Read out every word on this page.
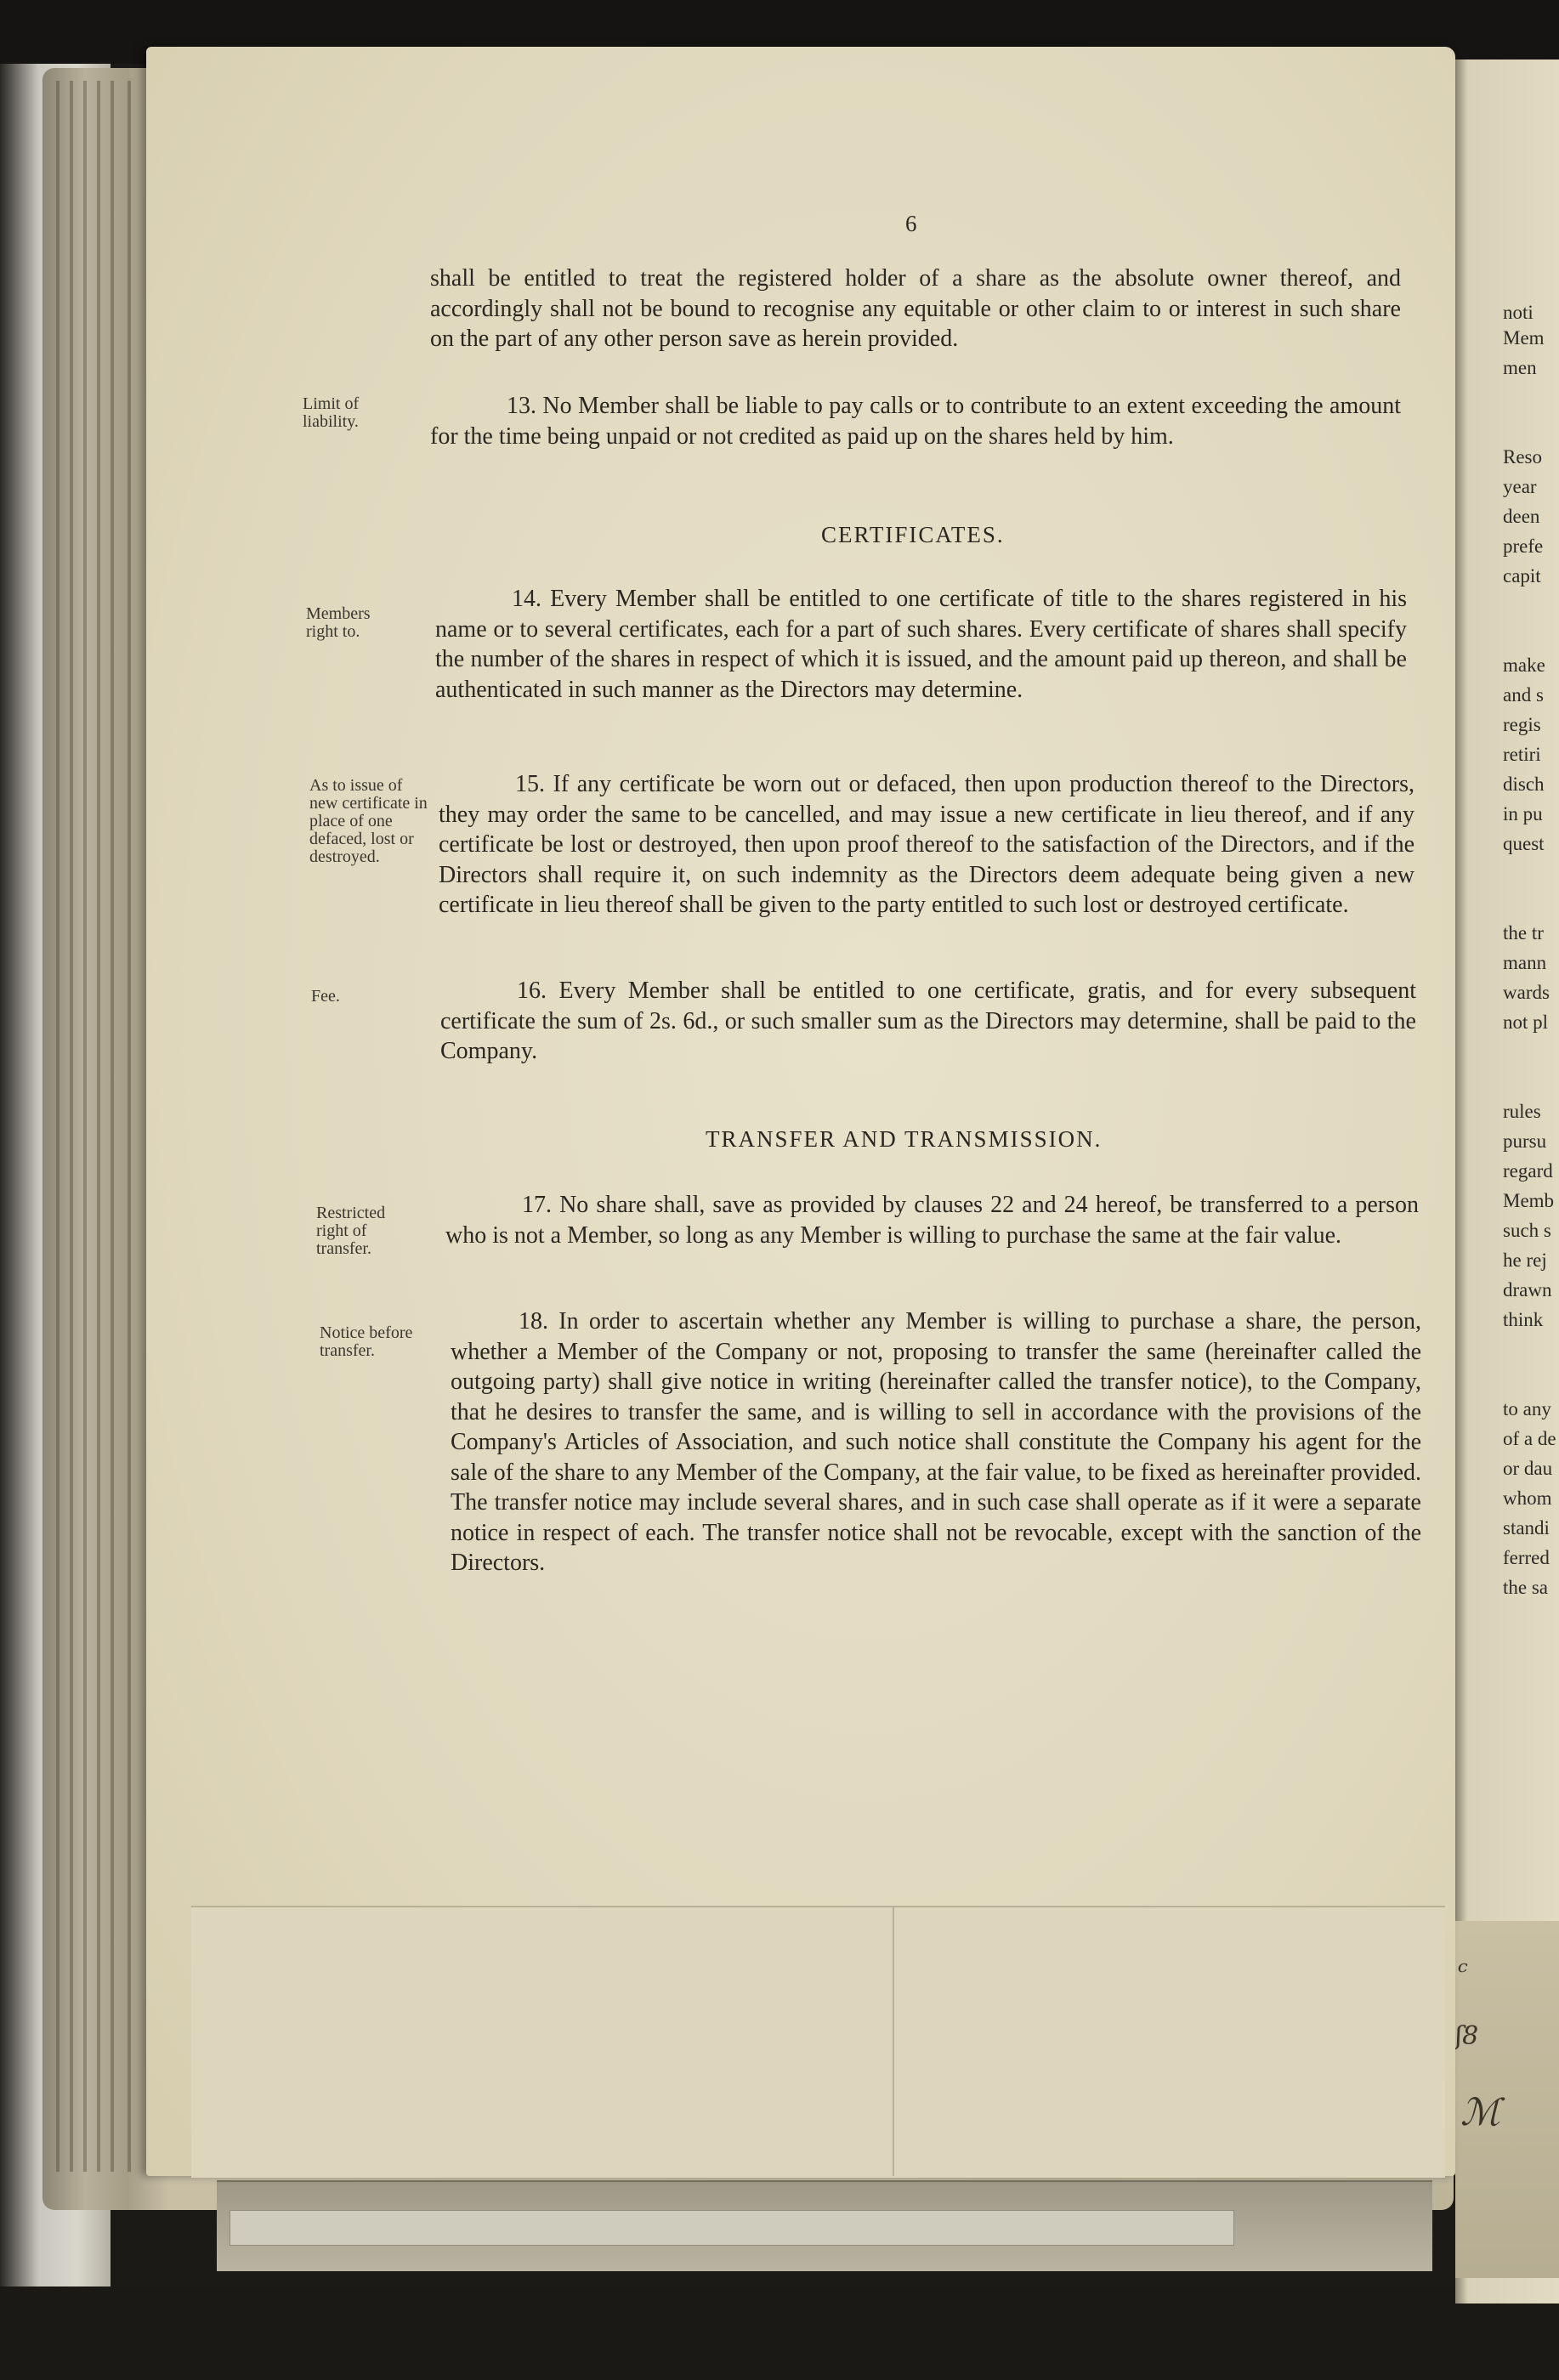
ᶜ
ʃ8
ℳ
6

shall be entitled to treat the registered holder of a share as the absolute owner thereof, and accordingly shall not be bound to recognise any equitable or other claim to or interest in such share on the part of any other person save as herein provided.

Limit of liability.

13. No Member shall be liable to pay calls or to contribute to an extent exceeding the amount for the time being unpaid or not credited as paid up on the shares held by him.

CERTIFICATES.

Members right to.

14. Every Member shall be entitled to one certificate of title to the shares registered in his name or to several certificates, each for a part of such shares. Every certificate of shares shall specify the number of the shares in respect of which it is issued, and the amount paid up thereon, and shall be authenticated in such manner as the Directors may determine.

As to issue of new certificate in place of one defaced, lost or destroyed.

15. If any certificate be worn out or defaced, then upon production thereof to the Directors, they may order the same to be cancelled, and may issue a new certificate in lieu thereof, and if any certificate be lost or destroyed, then upon proof thereof to the satisfaction of the Directors, and if the Directors shall require it, on such indemnity as the Directors deem adequate being given a new certificate in lieu thereof shall be given to the party entitled to such lost or destroyed certificate.

Fee.	16. Every Member shall be entitled to one certificate, gratis, and for every subsequent certificate the sum of 2s. 6d., or such smaller sum as the Directors may determine, shall be paid to the Company.

TRANSFER AND TRANSMISSION.

Restricted right of transfer.

17. No share shall, save as provided by clauses 22 and 24 hereof, be transferred to a person who is not a Member, so long as any Member is willing to purchase the same at the fair value.

Notice before transfer.

18. In order to ascertain whether any Member is willing to purchase a share, the person, whether a Member of the Company or not, proposing to transfer the same (hereinafter called the outgoing party) shall give notice in writing (hereinafter called the transfer notice), to the Company, that he desires to transfer the same, and is willing to sell in accordance with the provisions of the Company's Articles of Association, and such notice shall constitute the Company his agent for the sale of the share to any Member of the Company, at the fair value, to be fixed as hereinafter provided. The transfer notice may include several shares, and in such case shall operate as if it were a separate notice in respect of each. The transfer notice shall not be revocable, except with the sanction of the Directors.

noti
Mem
men
Reso
year
deen
prefe
capit
make
and s
regis
retiri
disch
in pu
quest
the tr
mann
wards
not pl
rules
pursu
regard
Memb
such s
he rej
drawn
think
to any
of a de
or dau
whom
standi
ferred
the sa
